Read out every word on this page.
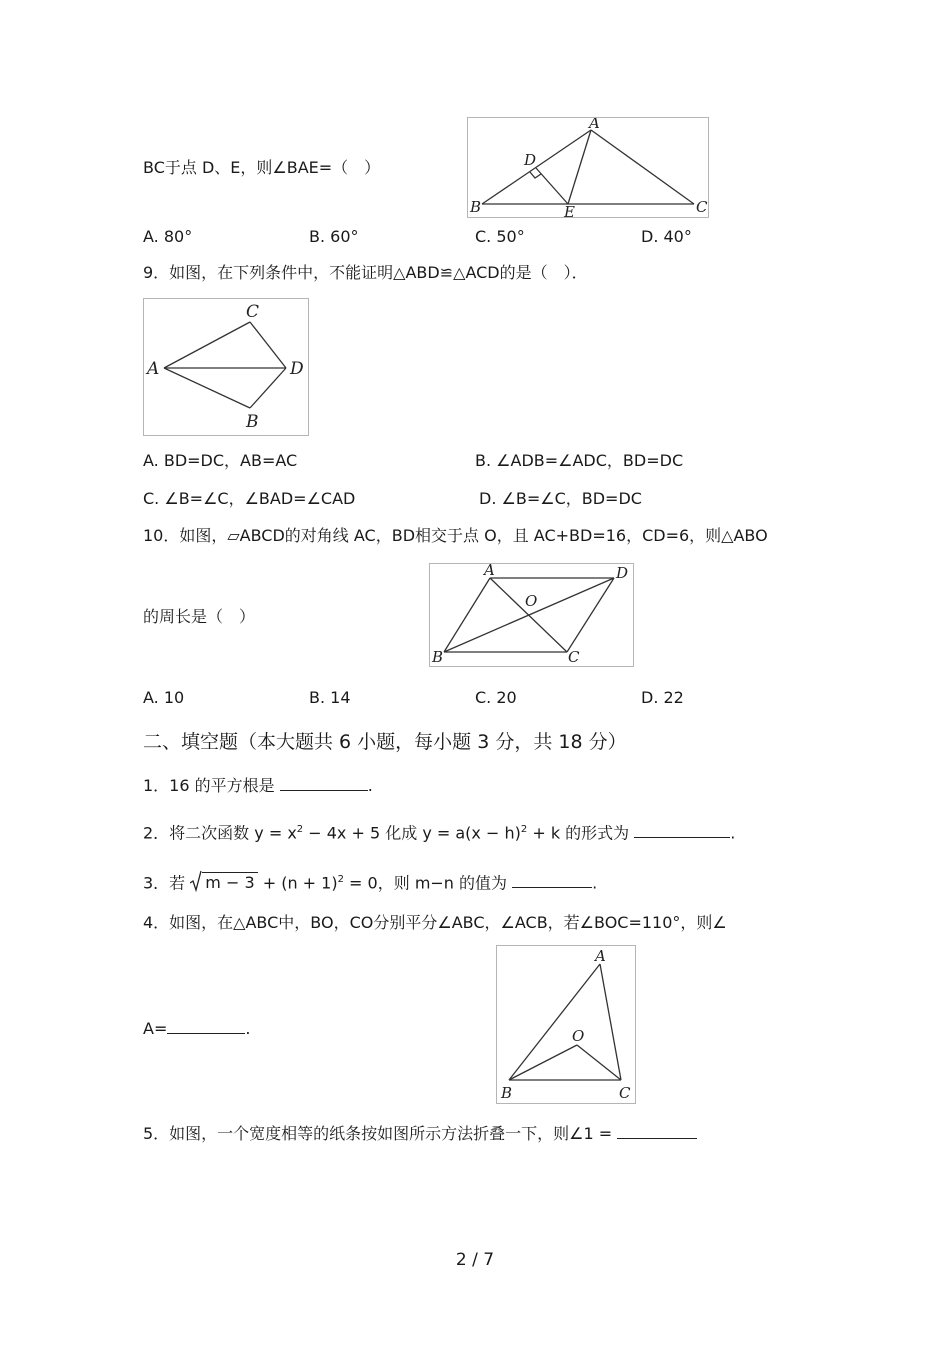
BC于点 D、E，则∠BAE=（　）
A
B	C
D
E
A. 80°	B. 60°	C. 50°	D. 40°
9．如图，在下列条件中，不能证明△ABD≌△ACD的是（　）．
C
A	D
B
A. BD=DC，AB=AC	B. ∠ADB=∠ADC，BD=DC
C. ∠B=∠C，∠BAD=∠CAD	D. ∠B=∠C，BD=DC
10．如图，▱ABCD的对角线 AC，BD相交于点 O，且 AC+BD=16，CD=6，则△ABO
的周长是（　）
A	D
B	C
O
A. 10	B. 14	C. 20	D. 22
二、填空题（本大题共 6 小题，每小题 3 分，共 18 分）
1．16 的平方根是	.
2．将二次函数 $y = x^2 - 4x + 5$ 化成 $y = a(x - h)^2 + k$ 的形式为	.
3．若 $m - 3 + (n + 1)^2 = 0$，则 m−n 的值为	.
4．如图，在△ABC中，BO，CO分别平分∠ABC，∠ACB，若∠BOC=110°，则∠
A=	.
A
B	C
O
5．如图，一个宽度相等的纸条按如图所示方法折叠一下，则∠1 =
2 / 7
